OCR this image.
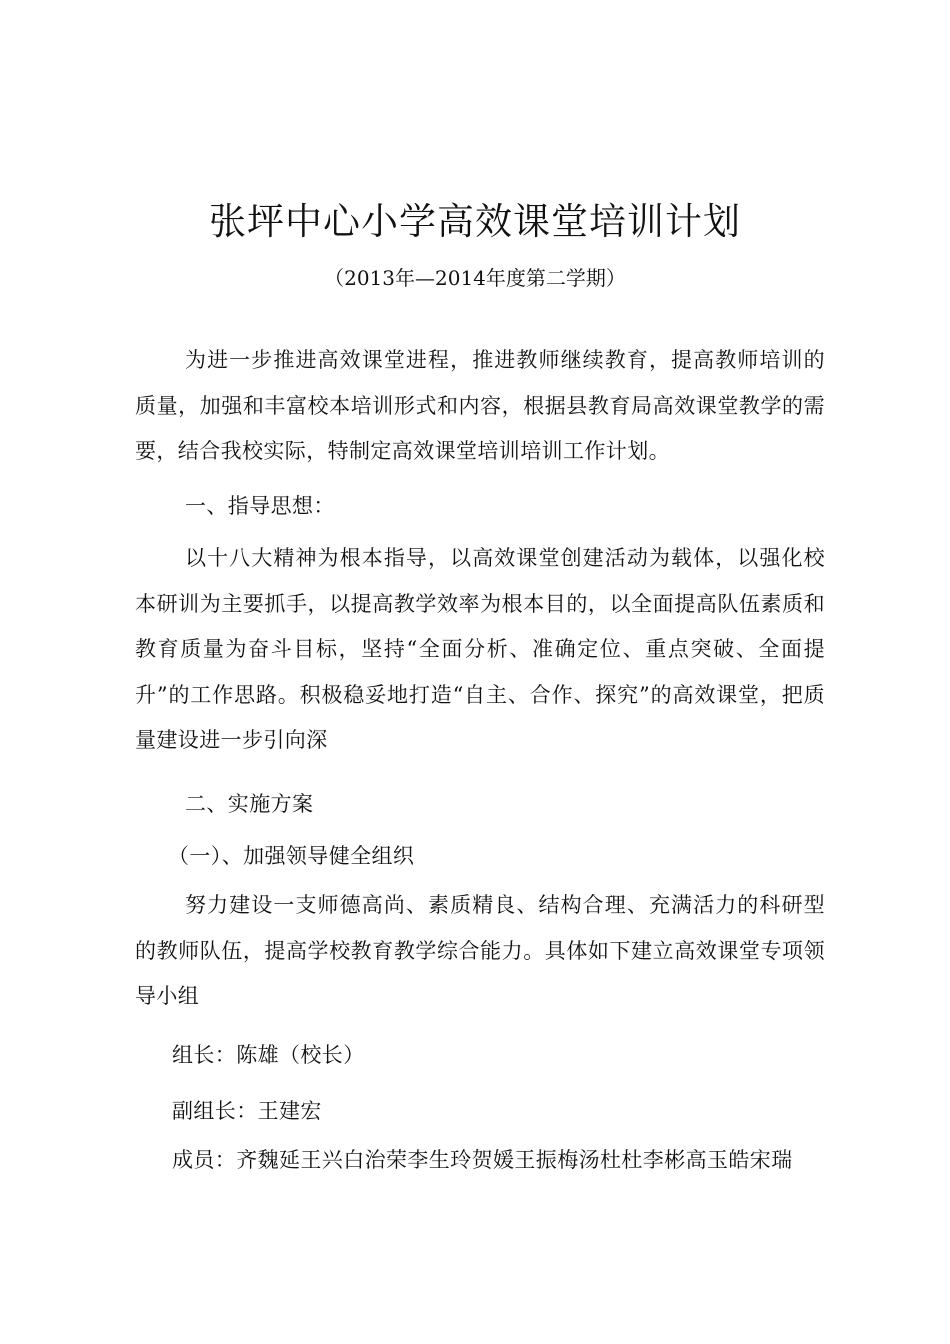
张坪中心小学高效课堂培训计划
（2013年—2014年度第二学期）
为进一步推进高效课堂进程，推进教师继续教育，提高教师培训的质量，加强和丰富校本培训形式和内容，根据县教育局高效课堂教学的需要，结合我校实际，特制定高效课堂培训培训工作计划。
一、指导思想：
以十八大精神为根本指导，以高效课堂创建活动为载体，以强化校本研训为主要抓手，以提高教学效率为根本目的，以全面提高队伍素质和教育质量为奋斗目标，坚持“全面分析、准确定位、重点突破、全面提升”的工作思路。积极稳妥地打造“自主、合作、探究”的高效课堂，把质量建设进一步引向深
二、实施方案
（一）、加强领导健全组织
努力建设一支师德高尚、素质精良、结构合理、充满活力的科研型的教师队伍，提高学校教育教学综合能力。具体如下建立高效课堂专项领导小组
组长：陈雄（校长）
副组长：王建宏
成员：齐魏延王兴白治荣李生玲贺媛王振梅汤杜杜李彬高玉皓宋瑞
